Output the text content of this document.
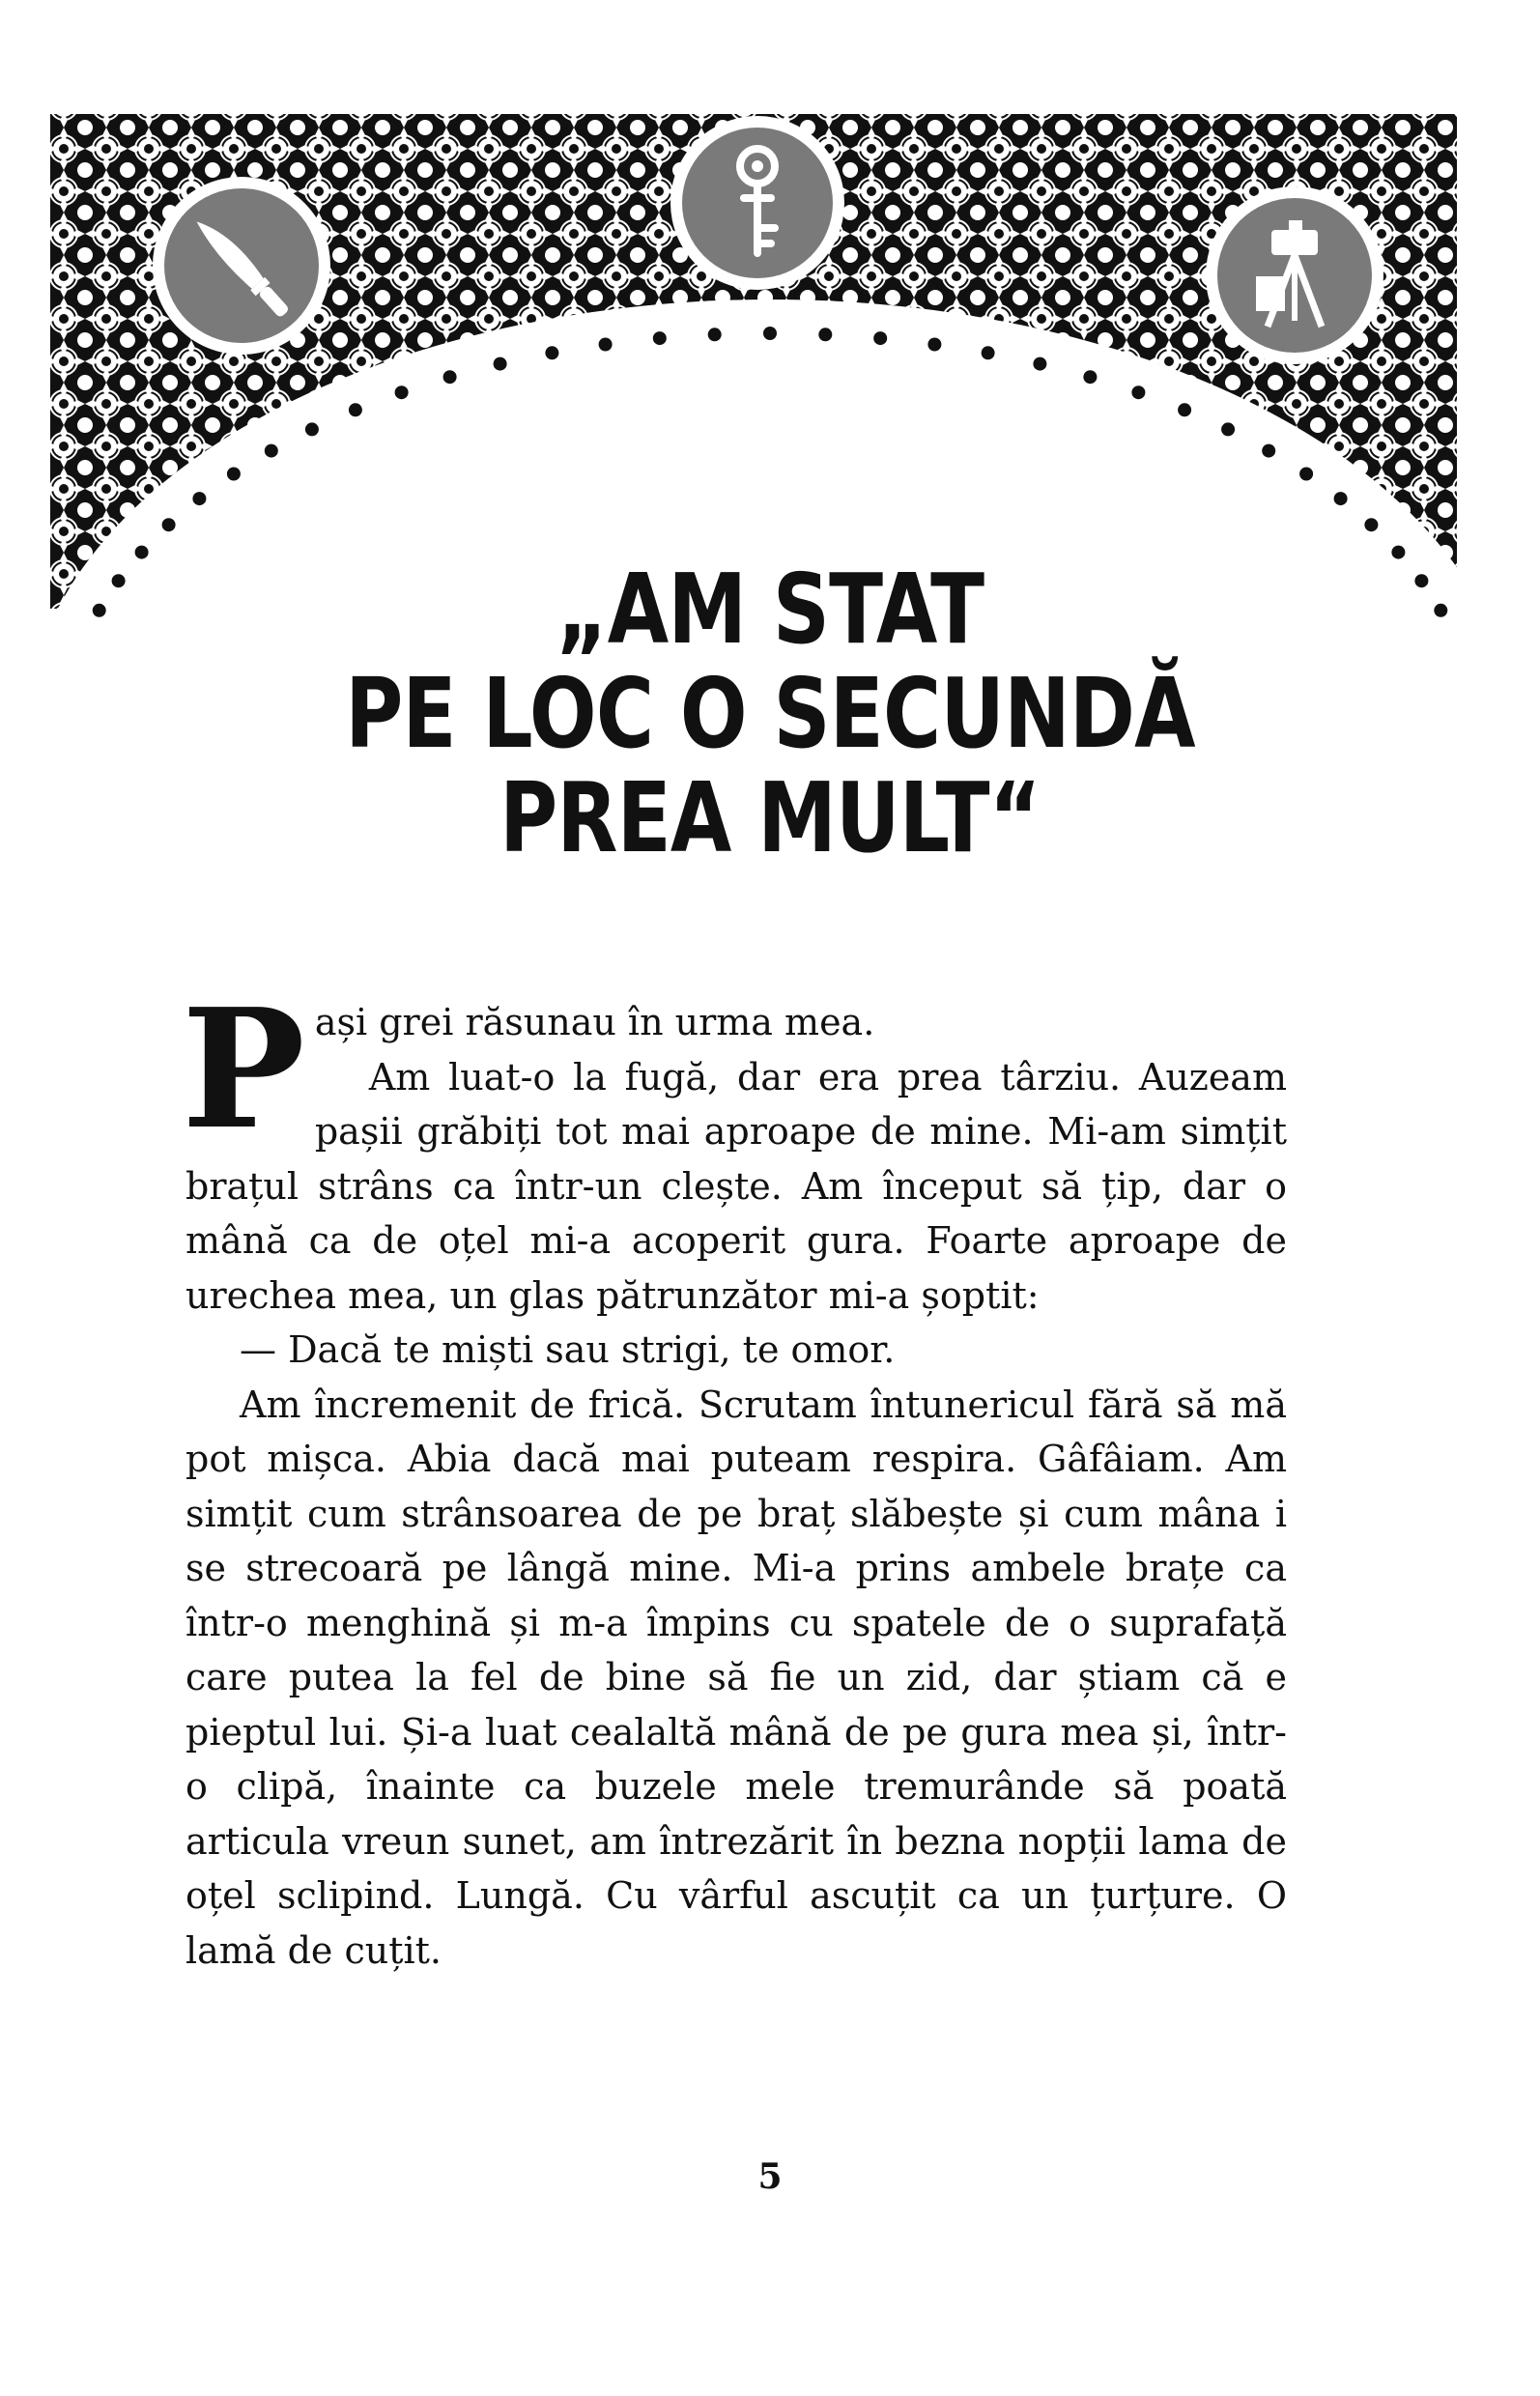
„AM STAT
PE LOC O SECUNDĂ
PREA MULT“

Pași grei răsunau în urma mea.

Am luat-o la fugă, dar era prea târziu. Auzeam pașii grăbiți tot mai aproape de mine. Mi-am simțit brațul strâns ca într-un clește. Am început să țip, dar o mână ca de oțel mi-a acoperit gura. Foarte aproape de urechea mea, un glas pătrunzător mi-a șoptit:

— Dacă te miști sau strigi, te omor.

Am încremenit de frică. Scrutam întunericul fără să mă pot mișca. Abia dacă mai puteam respira. Gâfâiam. Am simțit cum strânsoarea de pe braț slăbește și cum mâna i se strecoară pe lângă mine. Mi-a prins ambele brațe ca într-o menghină și m-a împins cu spatele de o suprafață care putea la fel de bine să fie un zid, dar știam că e pieptul lui. Și-a luat cealaltă mână de pe gura mea și, într-o clipă, înainte ca buzele mele tremurânde să poată articula vreun sunet, am întrezărit în bezna nopții lama de oțel sclipind. Lungă. Cu vârful ascuțit ca un țurțure. O lamă de cuțit.

5
